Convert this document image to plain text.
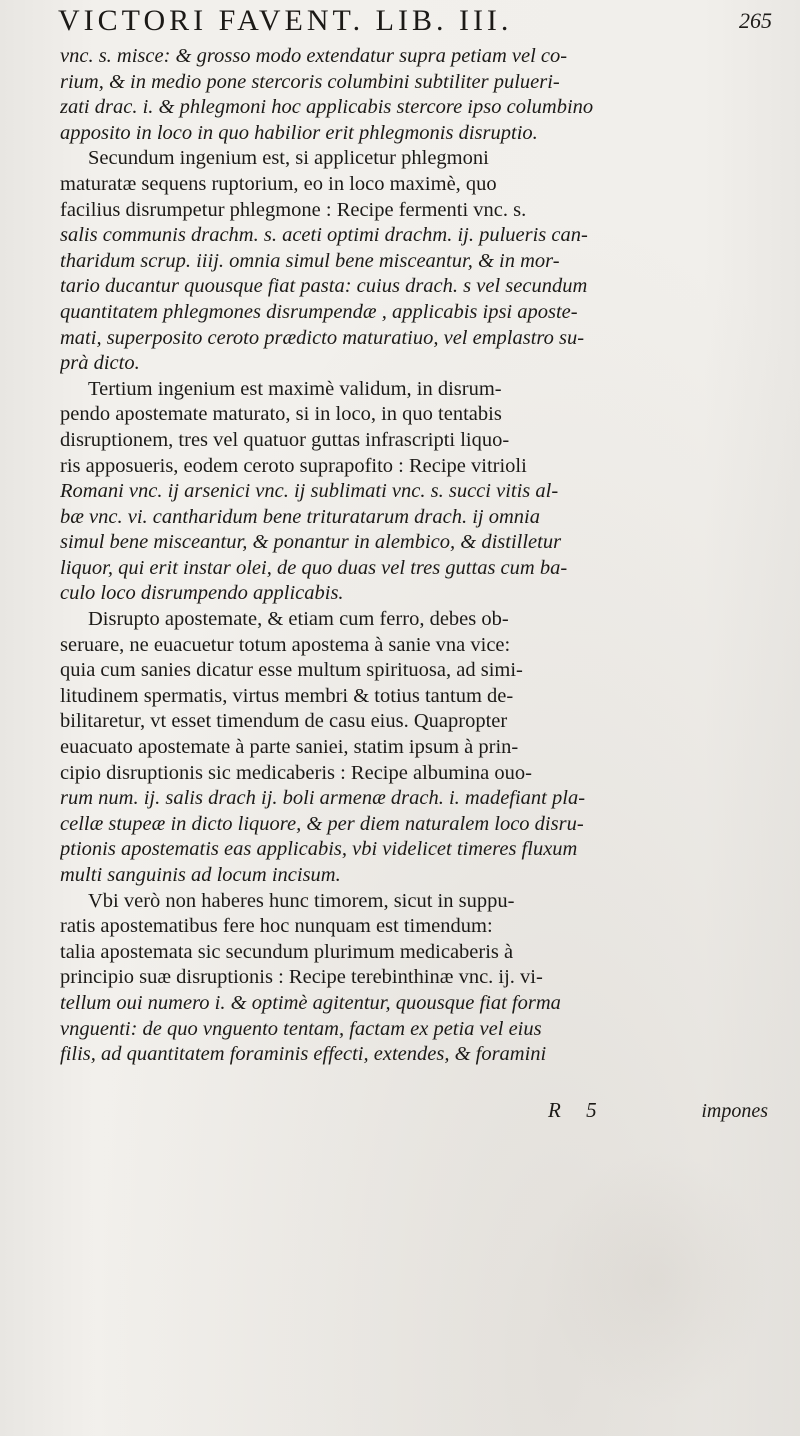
VICTORI FAVENT. LIB. III.	265
vnc. s. misce: & grosso modo extendatur supra petiam vel co-
rium, & in medio pone stercoris columbini subtiliter pulueri-
zati drac. i. & phlegmoni hoc applicabis stercore ipso columbino
apposito in loco in quo habilior erit phlegmonis disruptio.
Secundum ingenium est, si applicetur phlegmoni
maturatæ sequens ruptorium, eo in loco maximè, quo
facilius disrumpetur phlegmone : Recipe fermenti vnc. s.
salis communis drachm. s. aceti optimi drachm. ij. pulueris can-
tharidum scrup. iiij. omnia simul bene misceantur, & in mor-
tario ducantur quousque fiat pasta: cuius drach. s vel secundum
quantitatem phlegmones disrumpendæ , applicabis ipsi aposte-
mati, superposito ceroto prædicto maturatiuo, vel emplastro su-
prà dicto.
Tertium ingenium est maximè validum, in disrum-
pendo apostemate maturato, si in loco, in quo tentabis
disruptionem, tres vel quatuor guttas infrascripti liquo-
ris apposueris, eodem ceroto suprapofito : Recipe vitrioli
Romani vnc. ij arsenici vnc. ij sublimati vnc. s. succi vitis al-
bæ vnc. vi. cantharidum bene trituratarum drach. ij omnia
simul bene misceantur, & ponantur in alembico, & distilletur
liquor, qui erit instar olei, de quo duas vel tres guttas cum ba-
culo loco disrumpendo applicabis.
Disrupto apostemate, & etiam cum ferro, debes ob-
seruare, ne euacuetur totum apostema à sanie vna vice:
quia cum sanies dicatur esse multum spirituosa, ad simi-
litudinem spermatis, virtus membri & totius tantum de-
bilitaretur, vt esset timendum de casu eius. Quapropter
euacuato apostemate à parte saniei, statim ipsum à prin-
cipio disruptionis sic medicaberis : Recipe albumina ouo-
rum num. ij. salis drach ij. boli armenæ drach. i. madefiant pla-
cellæ stupeæ in dicto liquore, & per diem naturalem loco disru-
ptionis apostematis eas applicabis, vbi videlicet timeres fluxum
multi sanguinis ad locum incisum.
Vbi verò non haberes hunc timorem, sicut in suppu-
ratis apostematibus fere hoc nunquam est timendum:
talia apostemata sic secundum plurimum medicaberis à
principio suæ disruptionis : Recipe terebinthinæ vnc. ij. vi-
tellum oui numero i. & optimè agitentur, quousque fiat forma
vnguenti: de quo vnguento tentam, factam ex petia vel eius
filis, ad quantitatem foraminis effecti, extendes, & foramini
R 5	impones
